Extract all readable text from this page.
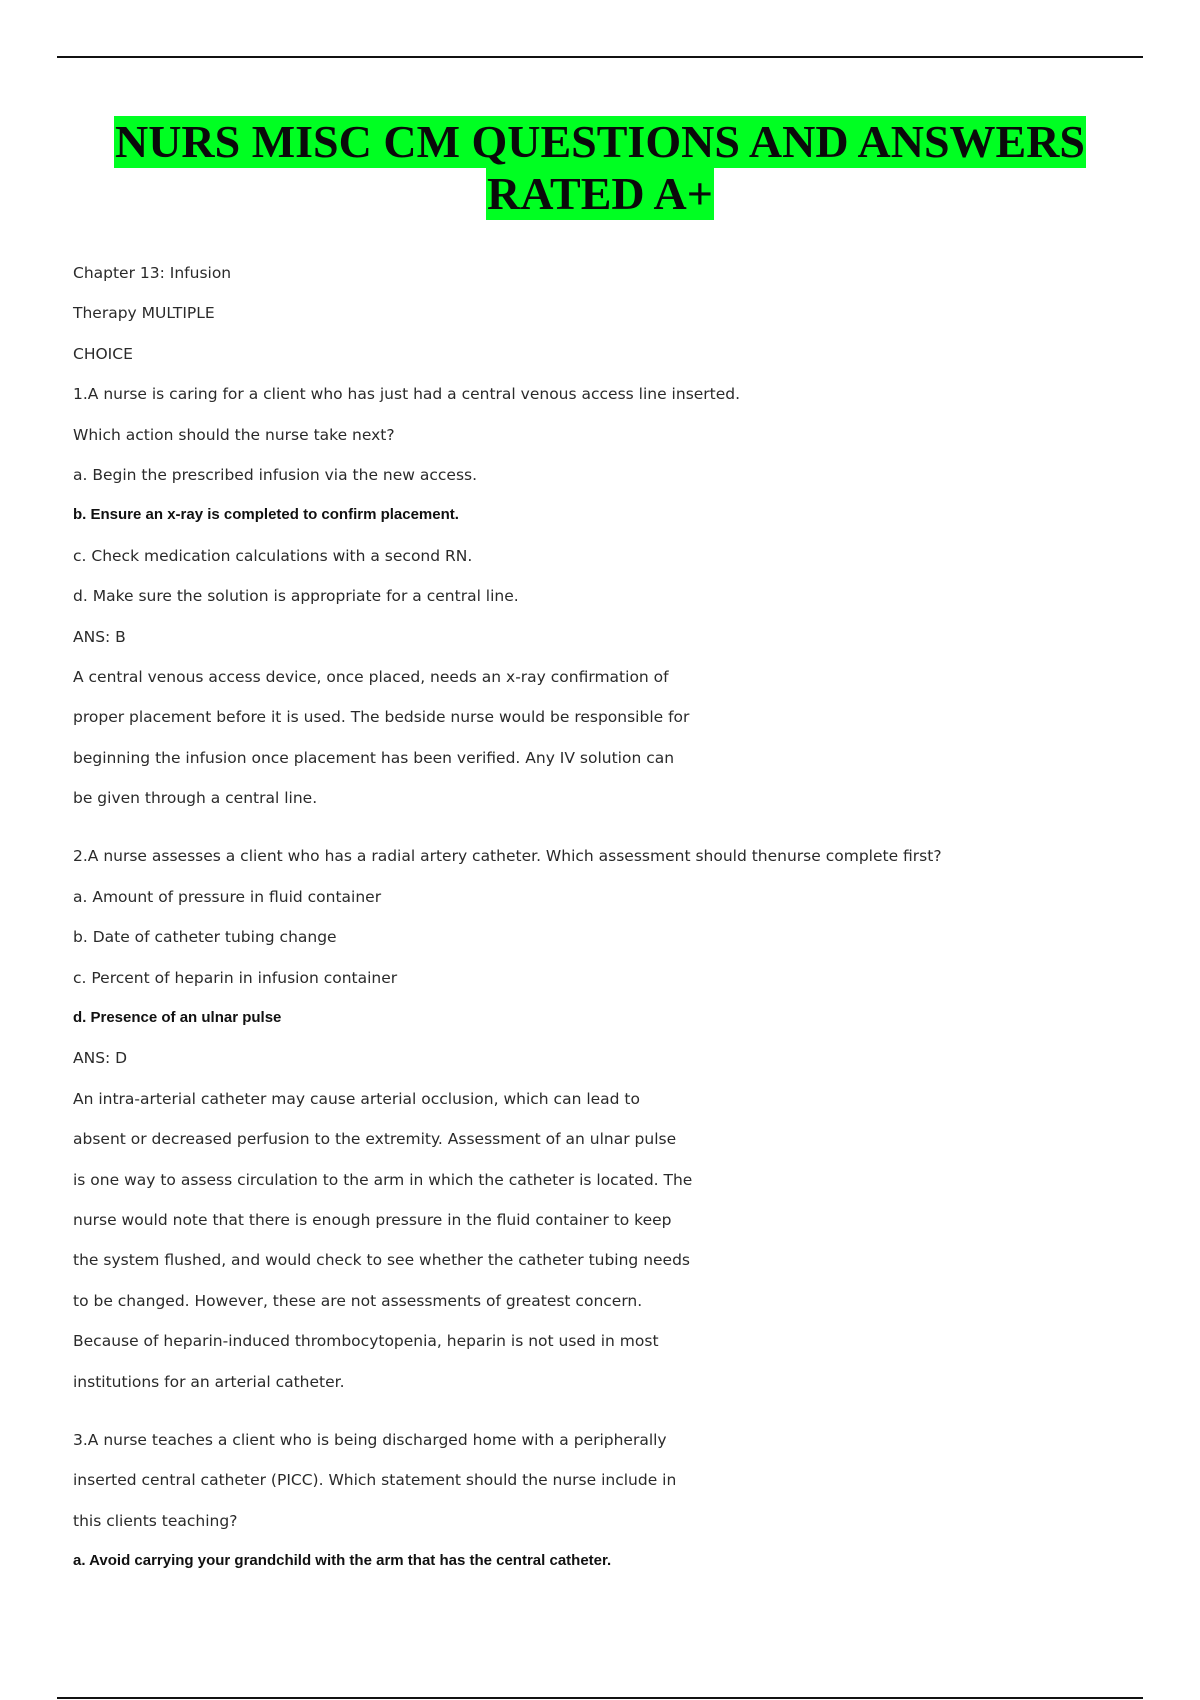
NURS MISC CM QUESTIONS AND ANSWERS
RATED A+
Chapter 13: Infusion
Therapy MULTIPLE
CHOICE
1.A nurse is caring for a client who has just had a central venous access line inserted.
Which action should the nurse take next?
a. Begin the prescribed infusion via the new access.
b. Ensure an x-ray is completed to confirm placement.
c. Check medication calculations with a second RN.
d. Make sure the solution is appropriate for a central line.
ANS: B
A central venous access device, once placed, needs an x-ray confirmation of
proper placement before it is used. The bedside nurse would be responsible for
beginning the infusion once placement has been verified. Any IV solution can
be given through a central line.
2.A nurse assesses a client who has a radial artery catheter. Which assessment should thenurse complete first?
a. Amount of pressure in fluid container
b. Date of catheter tubing change
c. Percent of heparin in infusion container
d. Presence of an ulnar pulse
ANS: D
An intra-arterial catheter may cause arterial occlusion, which can lead to
absent or decreased perfusion to the extremity. Assessment of an ulnar pulse
is one way to assess circulation to the arm in which the catheter is located. The
nurse would note that there is enough pressure in the fluid container to keep
the system flushed, and would check to see whether the catheter tubing needs
to be changed. However, these are not assessments of greatest concern.
Because of heparin-induced thrombocytopenia, heparin is not used in most
institutions for an arterial catheter.
3.A nurse teaches a client who is being discharged home with a peripherally
inserted central catheter (PICC). Which statement should the nurse include in
this clients teaching?
a. Avoid carrying your grandchild with the arm that has the central catheter.
